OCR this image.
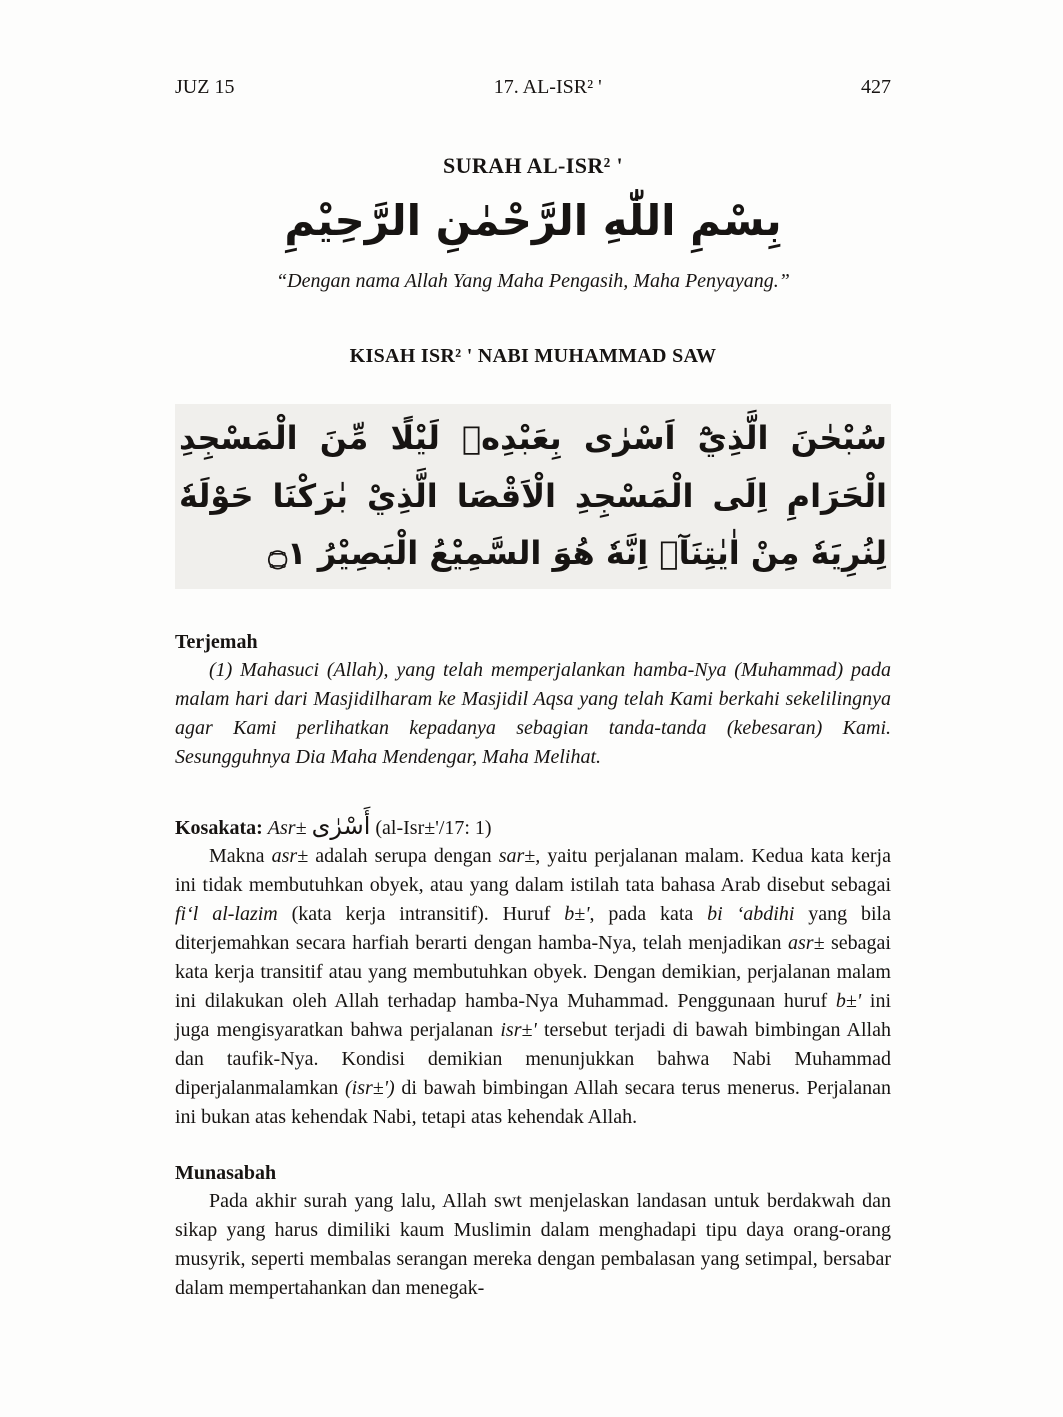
JUZ 15	17. AL-ISR² '	427
SURAH AL-ISR² '
بِسْمِ اللّٰهِ الرَّحْمٰنِ الرَّحِيْمِ
“Dengan nama Allah Yang Maha Pengasih, Maha Penyayang.”
KISAH ISR² ' NABI MUHAMMAD SAW
سُبْحٰنَ الَّذِيْٓ اَسْرٰى بِعَبْدِهٖ لَيْلًا مِّنَ الْمَسْجِدِ الْحَرَامِ اِلَى الْمَسْجِدِ الْاَقْصَا الَّذِيْ بٰرَكْنَا حَوْلَهٗ لِنُرِيَهٗ مِنْ اٰيٰتِنَآۗ اِنَّهٗ هُوَ السَّمِيْعُ الْبَصِيْرُ ۝١
Terjemah

(1) Mahasuci (Allah), yang telah memperjalankan hamba-Nya (Muhammad) pada malam hari dari Masjidilharam ke Masjidil Aqsa yang telah Kami berkahi sekelilingnya agar Kami perlihatkan kepadanya sebagian tanda-tanda (kebesaran) Kami. Sesungguhnya Dia Maha Mendengar, Maha Melihat.

Kosakata: Asr± أَسْرٰى (al-Isr±'/17: 1)

Makna asr± adalah serupa dengan sar±, yaitu perjalanan malam. Kedua kata kerja ini tidak membutuhkan obyek, atau yang dalam istilah tata bahasa Arab disebut sebagai fi‘l al-lazim (kata kerja intransitif). Huruf b±', pada kata bi ‘abdihi yang bila diterjemahkan secara harfiah berarti dengan hamba-Nya, telah menjadikan asr± sebagai kata kerja transitif atau yang membutuhkan obyek. Dengan demikian, perjalanan malam ini dilakukan oleh Allah terhadap hamba-Nya Muhammad. Penggunaan huruf b±' ini juga mengisyaratkan bahwa perjalanan isr±' tersebut terjadi di bawah bimbingan Allah dan taufik-Nya. Kondisi demikian menunjukkan bahwa Nabi Muhammad diperjalanmalamkan (isr±') di bawah bimbingan Allah secara terus menerus. Perjalanan ini bukan atas kehendak Nabi, tetapi atas kehendak Allah.

Munasabah

Pada akhir surah yang lalu, Allah swt menjelaskan landasan untuk berdakwah dan sikap yang harus dimiliki kaum Muslimin dalam menghadapi tipu daya orang-orang musyrik, seperti membalas serangan mereka dengan pembalasan yang setimpal, bersabar dalam mempertahankan dan menegak-
